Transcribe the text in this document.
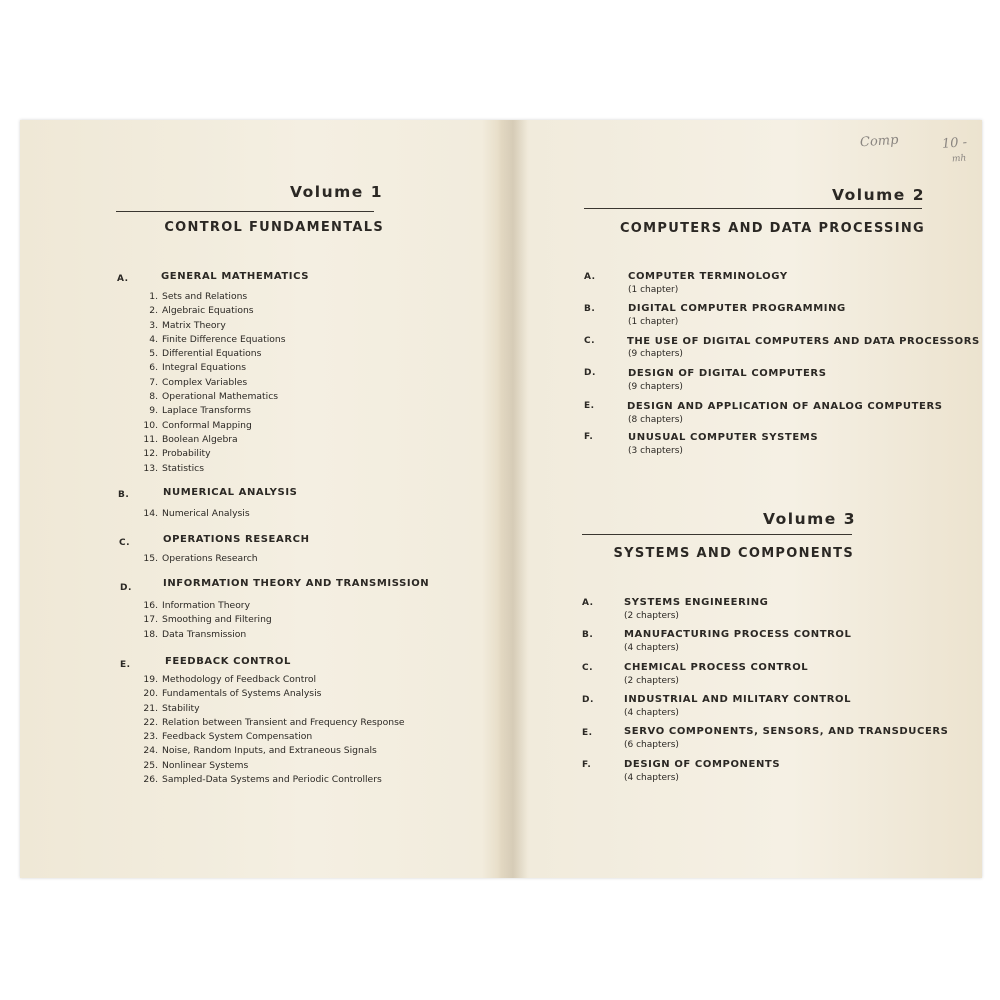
Volume 1
CONTROL FUNDAMENTALS
A.	GENERAL MATHEMATICS
1. Sets and Relations
2. Algebraic Equations
3. Matrix Theory
4. Finite Difference Equations
5. Differential Equations
6. Integral Equations
7. Complex Variables
8. Operational Mathematics
9. Laplace Transforms
10. Conformal Mapping
11. Boolean Algebra
12. Probability
13. Statistics
B.	NUMERICAL ANALYSIS
14. Numerical Analysis
C.	OPERATIONS RESEARCH
15. Operations Research
D.	INFORMATION THEORY AND TRANSMISSION
16. Information Theory
17. Smoothing and Filtering
18. Data Transmission
E.	FEEDBACK CONTROL
19. Methodology of Feedback Control
20. Fundamentals of Systems Analysis
21. Stability
22. Relation between Transient and Frequency Response
23. Feedback System Compensation
24. Noise, Random Inputs, and Extraneous Signals
25. Nonlinear Systems
26. Sampled-Data Systems and Periodic Controllers
Comp	10 -
mh
Volume 2
COMPUTERS AND DATA PROCESSING
A.	COMPUTER TERMINOLOGY
(1 chapter)
B.	DIGITAL COMPUTER PROGRAMMING
(1 chapter)
C.	THE USE OF DIGITAL COMPUTERS AND DATA PROCESSORS
(9 chapters)
D.	DESIGN OF DIGITAL COMPUTERS
(9 chapters)
E.	DESIGN AND APPLICATION OF ANALOG COMPUTERS
(8 chapters)
F.	UNUSUAL COMPUTER SYSTEMS
(3 chapters)
Volume 3
SYSTEMS AND COMPONENTS
A.	SYSTEMS ENGINEERING
(2 chapters)
B.	MANUFACTURING PROCESS CONTROL
(4 chapters)
C.	CHEMICAL PROCESS CONTROL
(2 chapters)
D.	INDUSTRIAL AND MILITARY CONTROL
(4 chapters)
E.	SERVO COMPONENTS, SENSORS, AND TRANSDUCERS
(6 chapters)
F.	DESIGN OF COMPONENTS
(4 chapters)
